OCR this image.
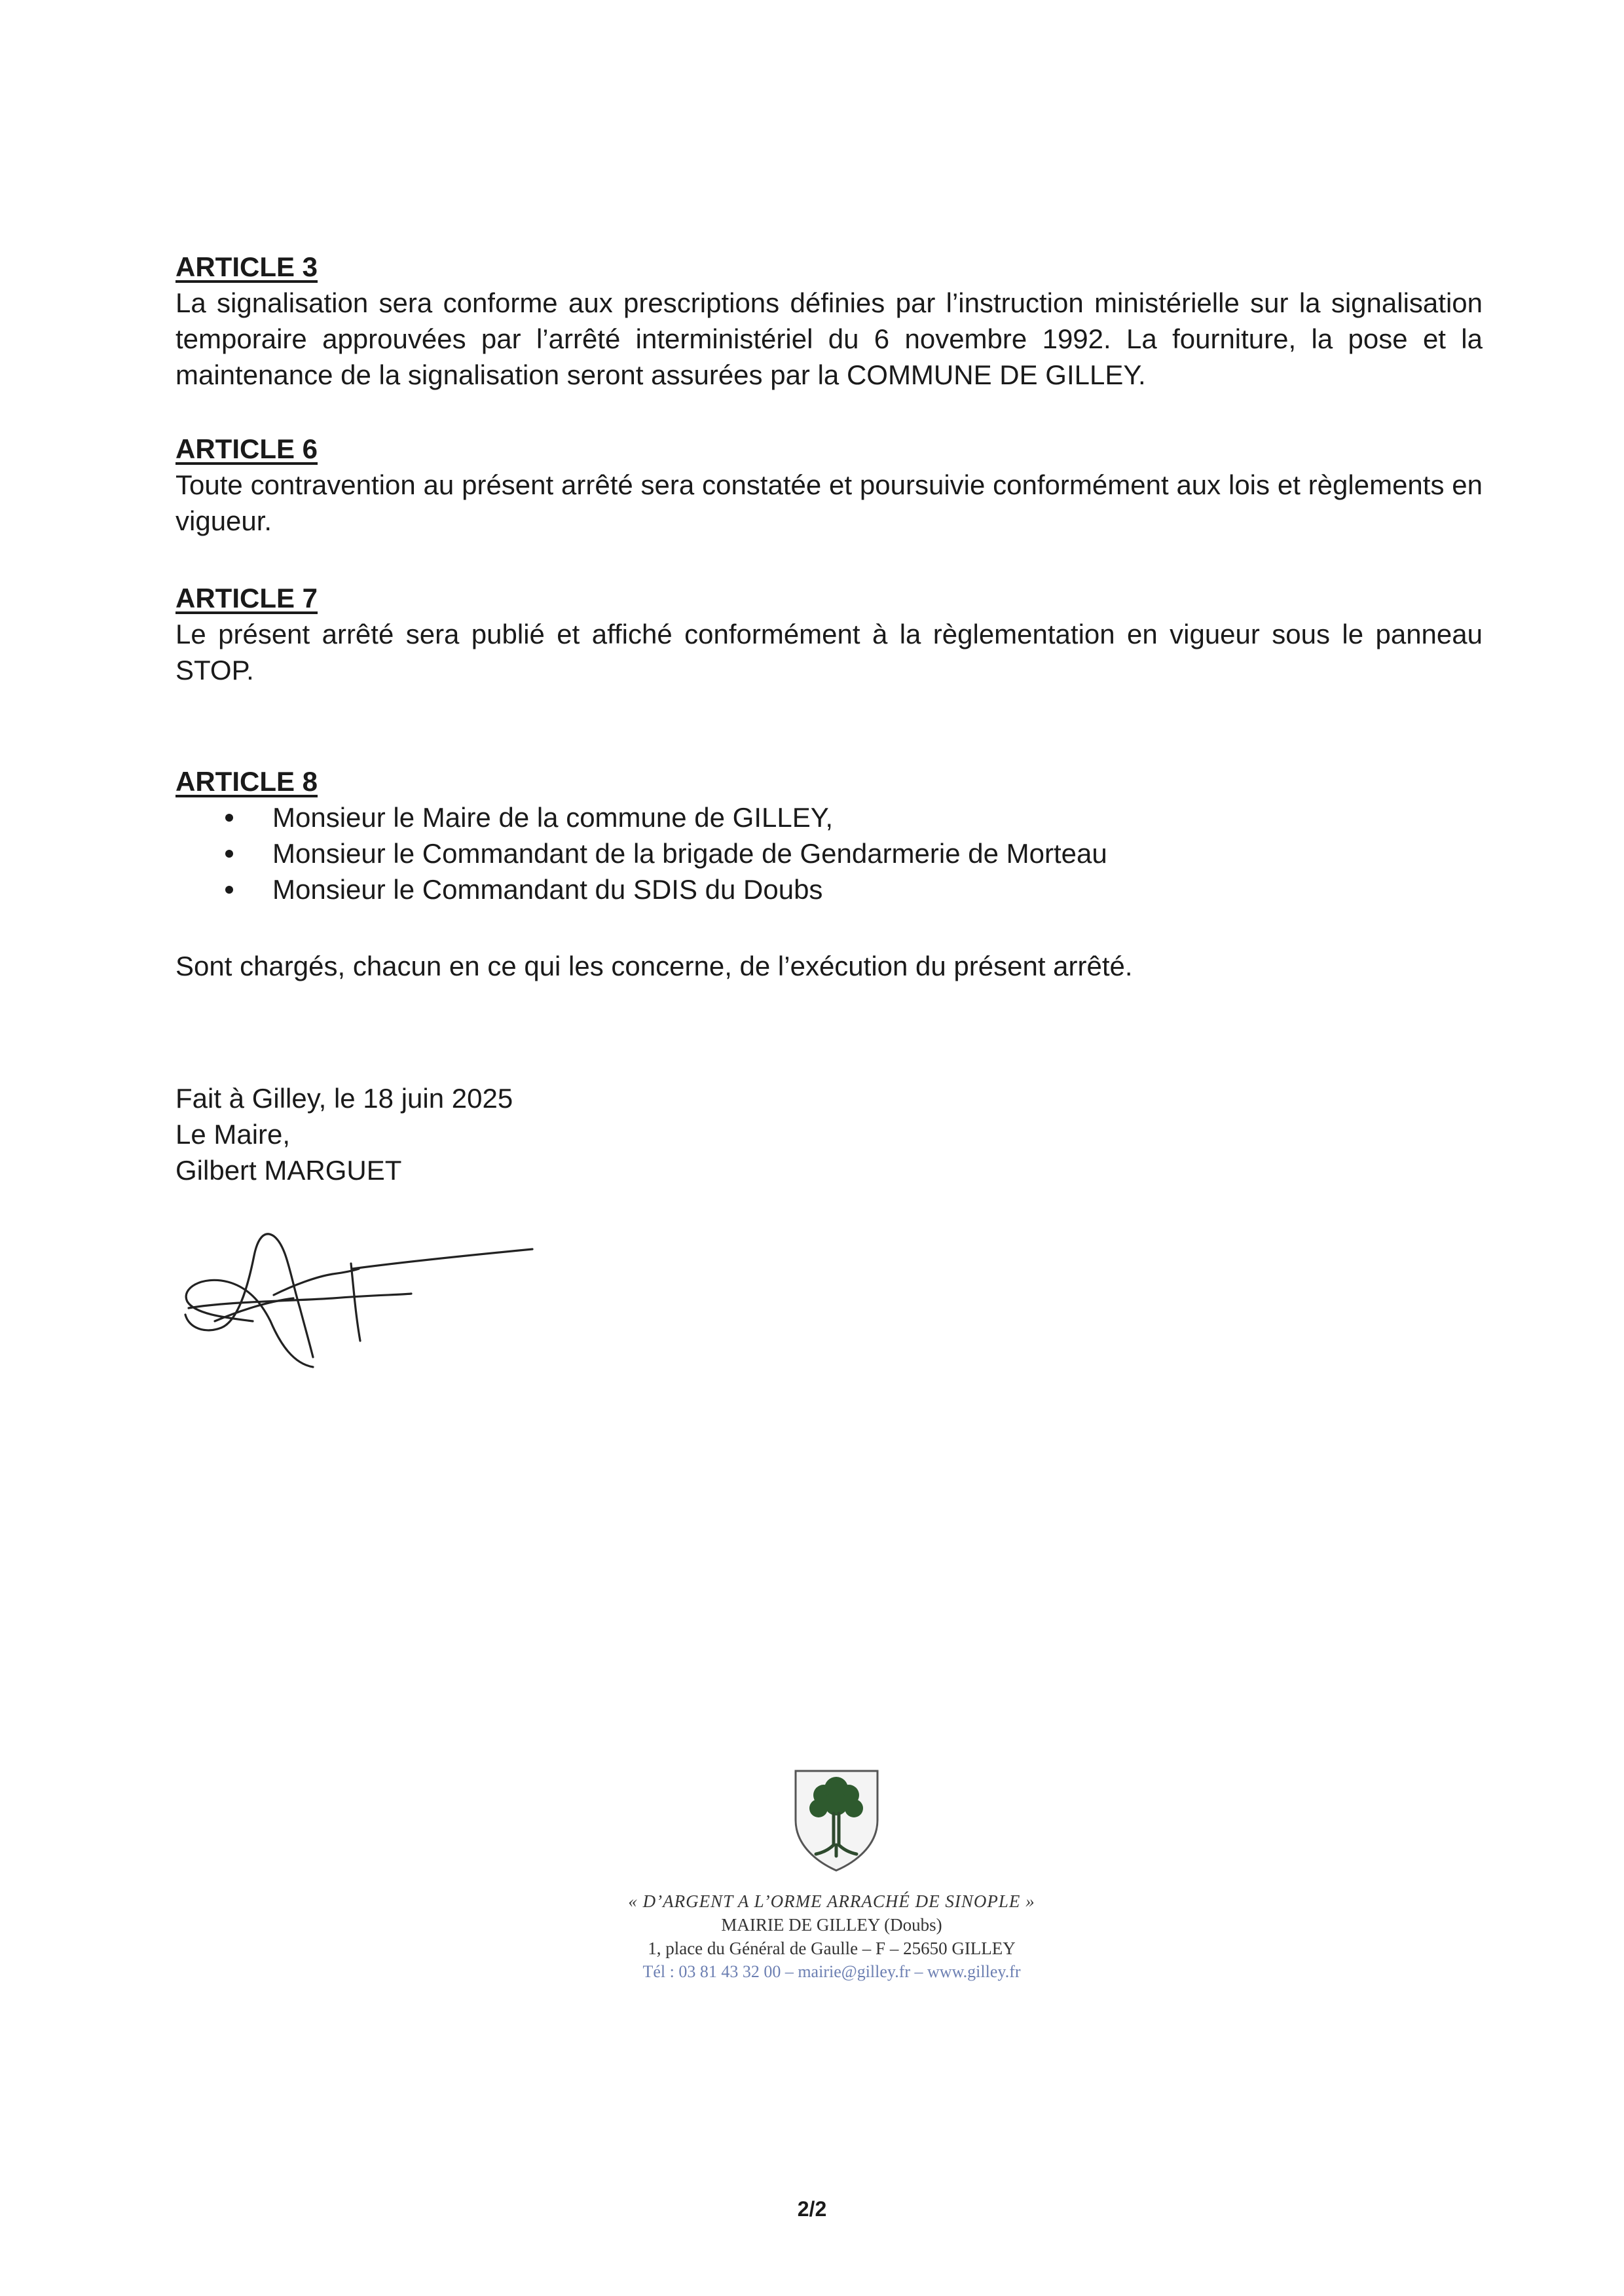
ARTICLE 3

La signalisation sera conforme aux prescriptions définies par l’instruction ministérielle sur la signalisation temporaire approuvées par l’arrêté interministériel du 6 novembre 1992. La fourniture, la pose et la maintenance de la signalisation seront assurées par la COMMUNE DE GILLEY.

ARTICLE 6

Toute contravention au présent arrêté sera constatée et poursuivie conformément aux lois et règlements en vigueur.

ARTICLE 7

Le présent arrêté sera publié et affiché conformément à la règlementation en vigueur sous le panneau STOP.

ARTICLE 8

Monsieur le Maire de la commune de GILLEY,
Monsieur le Commandant de la brigade de Gendarmerie de Morteau
Monsieur le Commandant du SDIS du Doubs

Sont chargés, chacun en ce qui les concerne, de l’exécution du présent arrêté.

Fait à Gilley, le 18 juin 2025

Le Maire,

Gilbert MARGUET

« D’ARGENT A L’ORME ARRACHÉ DE SINOPLE »
MAIRIE DE GILLEY (Doubs)
1, place du Général de Gaulle – F – 25650 GILLEY
Tél : 03 81 43 32 00 – mairie@gilley.fr – www.gilley.fr
2/2
